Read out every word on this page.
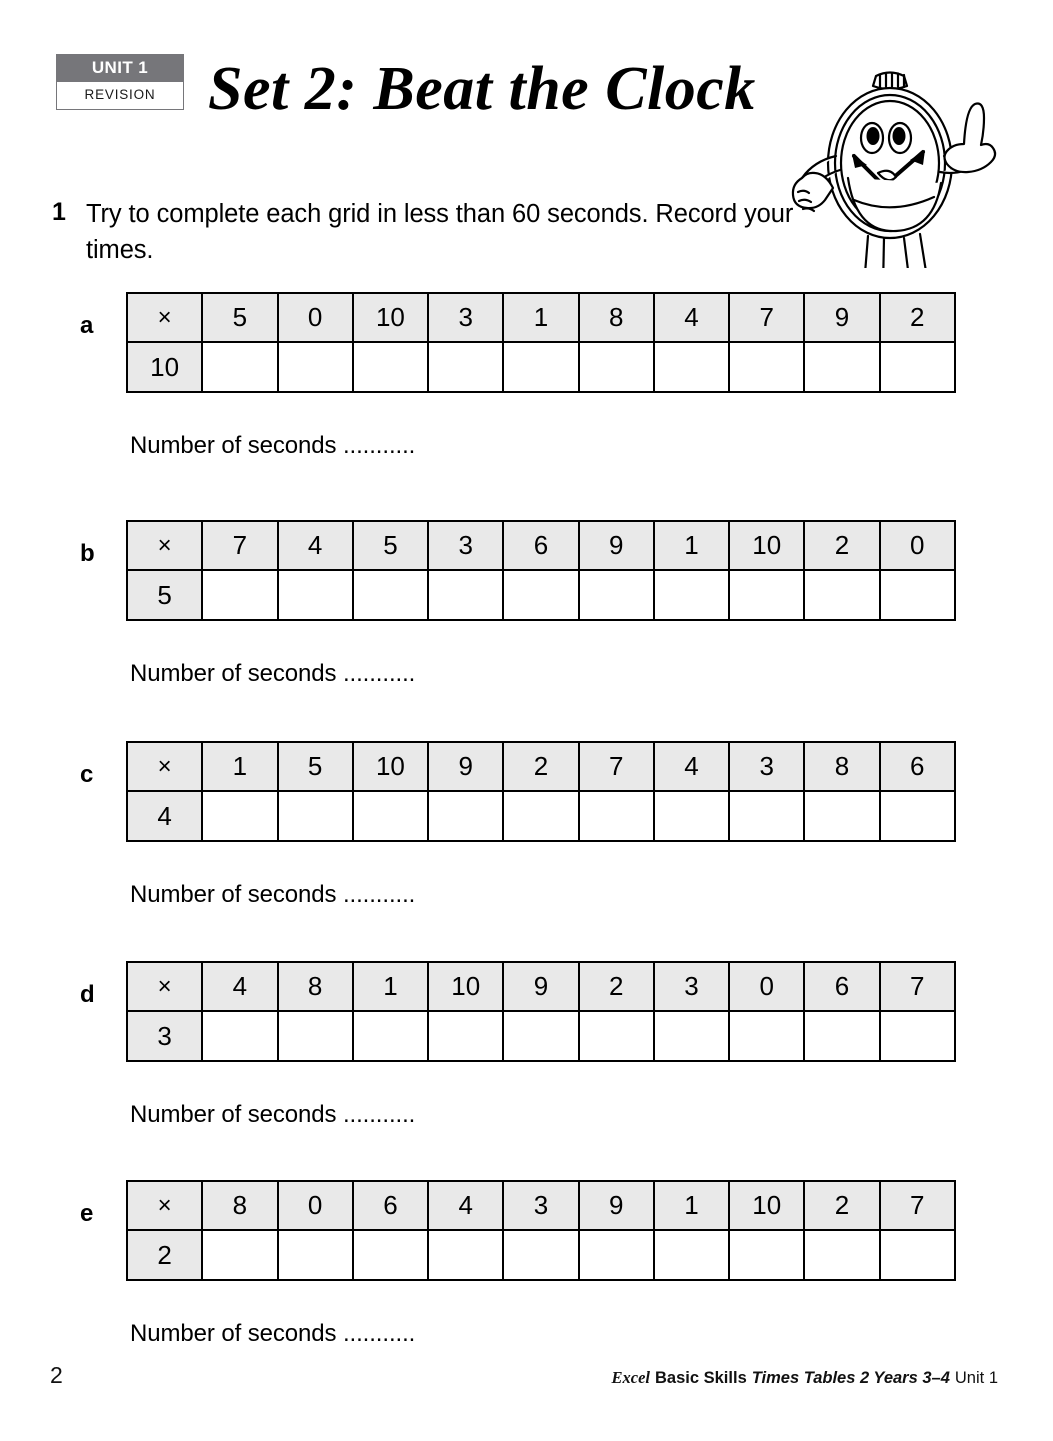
UNIT 1
REVISION Set 2: Beat the Clock
1 Try to complete each grid in less than 60 seconds. Record your times.
a	×	5	0	10	3	1	8	4	7	9	2
10										
Number of seconds ...........
b	×	7	4	5	3	6	9	1	10	2	0
5										
Number of seconds ...........
c	×	1	5	10	9	2	7	4	3	8	6
4										
Number of seconds ...........
d	×	4	8	1	10	9	2	3	0	6	7
3										
Number of seconds ...........
e	×	8	0	6	4	3	9	1	10	2	7
2										
Number of seconds ...........
2	Excel Basic Skills Times Tables 2 Years 3–4 Unit 1
